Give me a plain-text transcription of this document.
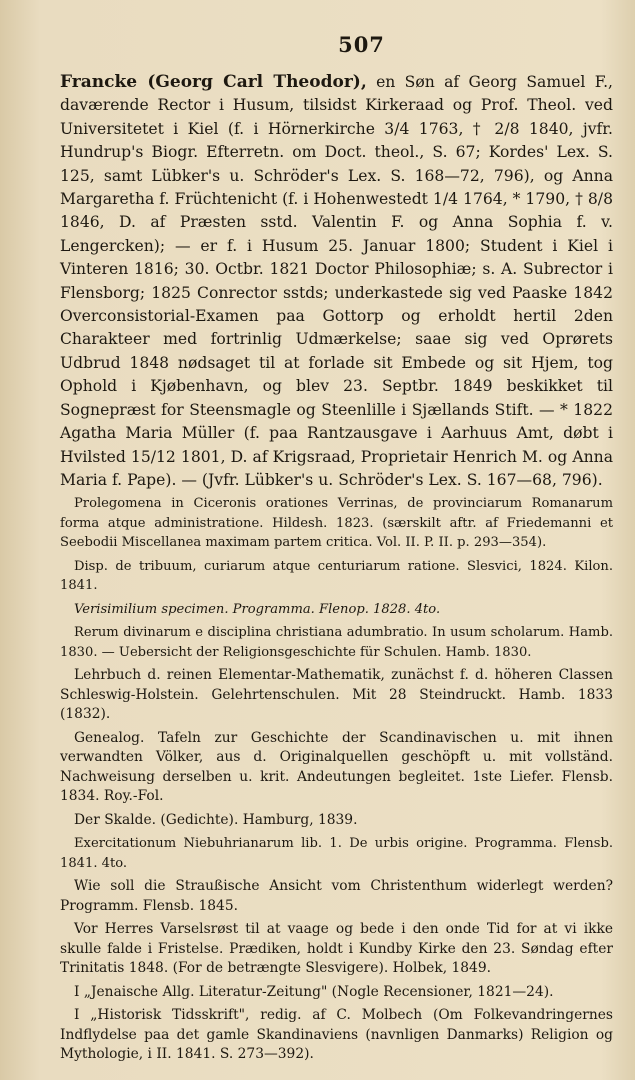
507

Francke (Georg Carl Theodor), en Søn af Georg Samuel F., daværende Rector i Husum, tilsidst Kirkeraad og Prof. Theol. ved Universitetet i Kiel (f. i Hörnerkirche 3/4 1763, † 2/8 1840, jvfr. Hundrup's Biogr. Efterretn. om Doct. theol., S. 67; Kordes' Lex. S. 125, samt Lübker's u. Schröder's Lex. S. 168—72, 796), og Anna Margaretha f. Früchtenicht (f. i Hohenwestedt 1/4 1764, * 1790, † 8/8 1846, D. af Præsten sstd. Valentin F. og Anna Sophia f. v. Lengercken); — er f. i Husum 25. Januar 1800; Student i Kiel i Vinteren 1816; 30. Octbr. 1821 Doctor Philosophiæ; s. A. Subrector i Flensborg; 1825 Conrector sstds; underkastede sig ved Paaske 1842 Overconsistorial-Examen paa Gottorp og erholdt hertil 2den Charakteer med fortrinlig Udmærkelse; saae sig ved Oprørets Udbrud 1848 nødsaget til at forlade sit Embede og sit Hjem, tog Ophold i Kjøbenhavn, og blev 23. Septbr. 1849 beskikket til Sognepræst for Steensmagle og Steenlille i Sjællands Stift. — * 1822 Agatha Maria Müller (f. paa Rantzausgave i Aarhuus Amt, døbt i Hvilsted 15/12 1801, D. af Krigsraad, Proprietair Henrich M. og Anna Maria f. Pape). — (Jvfr. Lübker's u. Schröder's Lex. S. 167—68, 796).

Prolegomena in Ciceronis orationes Verrinas, de provinciarum Romanarum forma atque administratione. Hildesh. 1823. (særskilt aftr. af Friedemanni et Seebodii Miscellanea maximam partem critica. Vol. II. P. II. p. 293—354).

Disp. de tribuum, curiarum atque centuriarum ratione. Slesvici, 1824. Kilon. 1841.

Verisimilium specimen. Programma. Flenop. 1828. 4to.

Rerum divinarum e disciplina christiana adumbratio. In usum scholarum. Hamb. 1830. — Uebersicht der Religionsgeschichte für Schulen. Hamb. 1830.

Lehrbuch d. reinen Elementar-Mathematik, zunächst f. d. höheren Classen Schleswig-Holstein. Gelehrtenschulen. Mit 28 Steindruckt. Hamb. 1833 (1832).

Genealog. Tafeln zur Geschichte der Scandinavischen u. mit ihnen verwandten Völker, aus d. Originalquellen geschöpft u. mit vollständ. Nachweisung derselben u. krit. Andeutungen begleitet. 1ste Liefer. Flensb. 1834. Roy.-Fol.

Der Skalde. (Gedichte). Hamburg, 1839.

Exercitationum Niebuhrianarum lib. 1. De urbis origine. Programma. Flensb. 1841. 4to.

Wie soll die Straußische Ansicht vom Christenthum widerlegt werden? Programm. Flensb. 1845.

Vor Herres Varselsrøst til at vaage og bede i den onde Tid for at vi ikke skulle falde i Fristelse. Prædiken, holdt i Kundby Kirke den 23. Søndag efter Trinitatis 1848. (For de betrængte Slesvigere). Holbek, 1849.

I „Jenaische Allg. Literatur-Zeitung" (Nogle Recensioner, 1821—24).

I „Historisk Tidsskrift", redig. af C. Molbech (Om Folkevandringernes Indflydelse paa det gamle Skandinaviens (navnligen Danmarks) Religion og Mythologie, i II. 1841. S. 273—392).
